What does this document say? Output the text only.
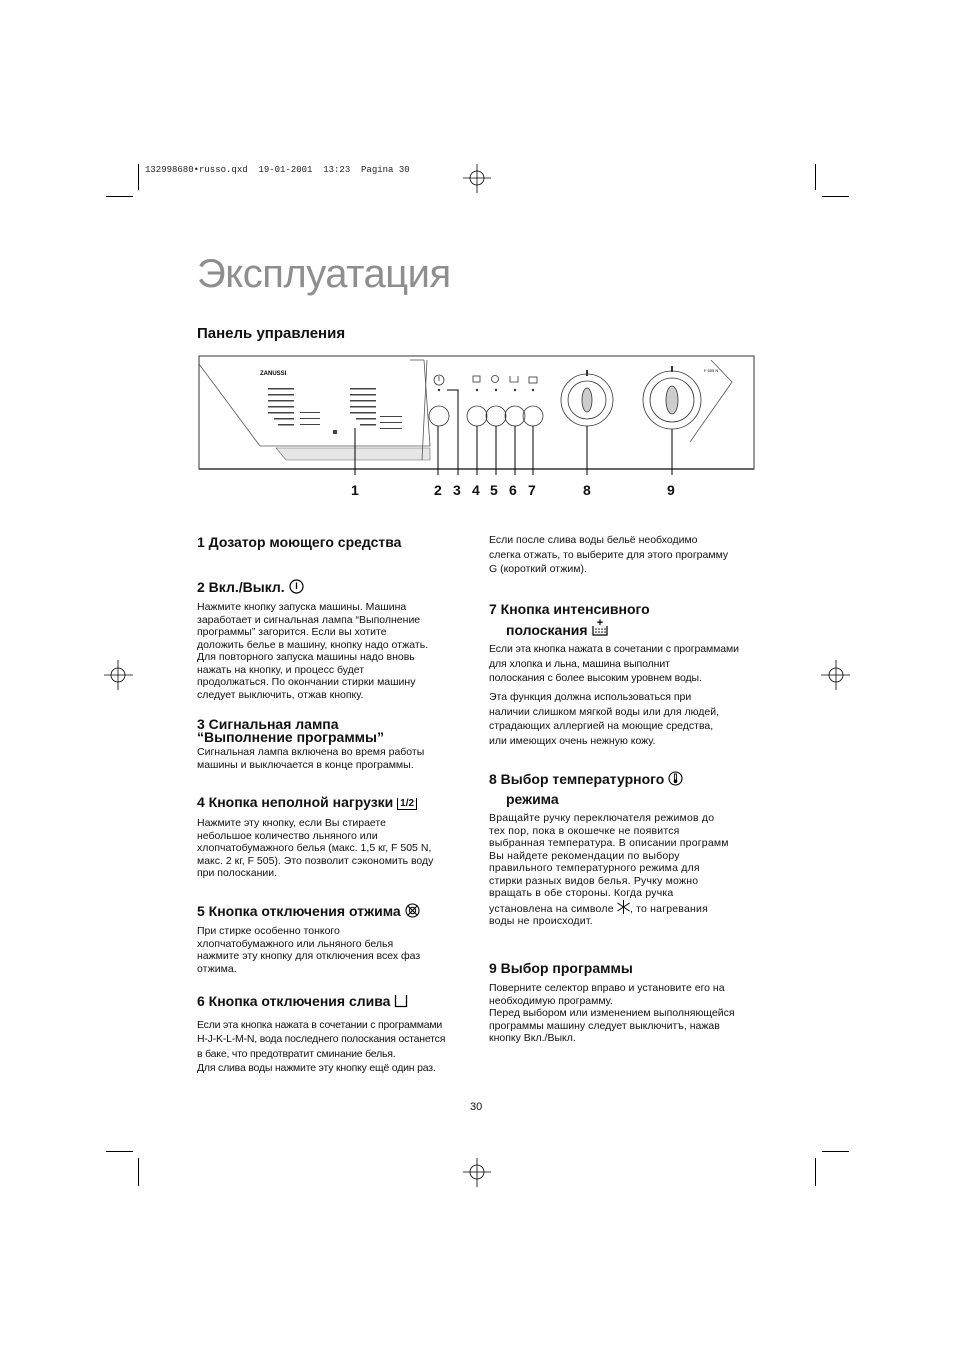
132998680•russo.qxd  19-01-2001  13:23  Pagina 30
Эксплуатация
Панель управления
ZANUSSI
F 505 N
1	2 3 4 5 6 7	8	9
1 Дозатор моющего средства
2 Вкл./Выкл.
Нажмите кнопку запуска машины. Машина
заработает и сигнальная лампа “Выполнение
программы” загорится. Если вы хотите
доложить белье в машину, кнопку надо отжать.
Для повторного запуска машины надо вновь
нажать на кнопку, и процесс будет
продолжаться. По окончании стирки машину
следует выключить, отжав кнопку.
3 Сигнальная лампа
“Выполнение программы”
Сигнальная лампа включена во время работы
машины и выключается в конце программы.
4 Кнопка неполной нагрузки 1/2
Нажмите эту кнопку, если Вы стираете
небольшое количество льняного или
хлопчатобумажного белья (макс. 1,5 кг, F 505 N,
макс. 2 кг, F 505). Это позволит сэкономить воду
при полоскании.
5 Кнопка отключения отжима
При стирке особенно тонкого
хлопчатобумажного или льняного белья
нажмите эту кнопку для отключения всех фаз
отжима.
6 Кнопка отключения слива
Если эта кнопка нажата в сочетании с программами
H-J-K-L-M-N, вода последнего полоскания останется
в баке, что предотвратит сминание белья.
Для слива воды нажмите эту кнопку ещё один раз.
Если после слива воды бельё необходимо
слегка отжать, то выберите для этого программу
G (короткий отжим).
7 Кнопка интенсивного
полоскания
Если эта кнопка нажата в сочетании с программами
для хлопка и льна, машина выполнит
полоскания с более высоким уровнем воды.
Эта функция должна использоваться при
наличии слишком мягкой воды или для людей,
страдающих аллергией на моющие средства,
или имеющих очень нежную кожу.
8 Выбор температурного
режима
Вращайте ручку переключателя режимов до
тех пор, пока в окошечке не появится
выбранная температура. В описании программ
Вы найдете рекомендации по выбору
правильного температурного режима для
стирки разных видов белья. Ручку можно
вращать в обе стороны. Когда ручка
установлена на символе , то нагревания
воды не происходит.
9 Выбор программы
Поверните селектор вправо и установите его на
необходимую программу.
Перед выбором или изменением выполняющейся
программы машину следует выключитъ, нажав
кнопку Вкл./Выкл.
30
